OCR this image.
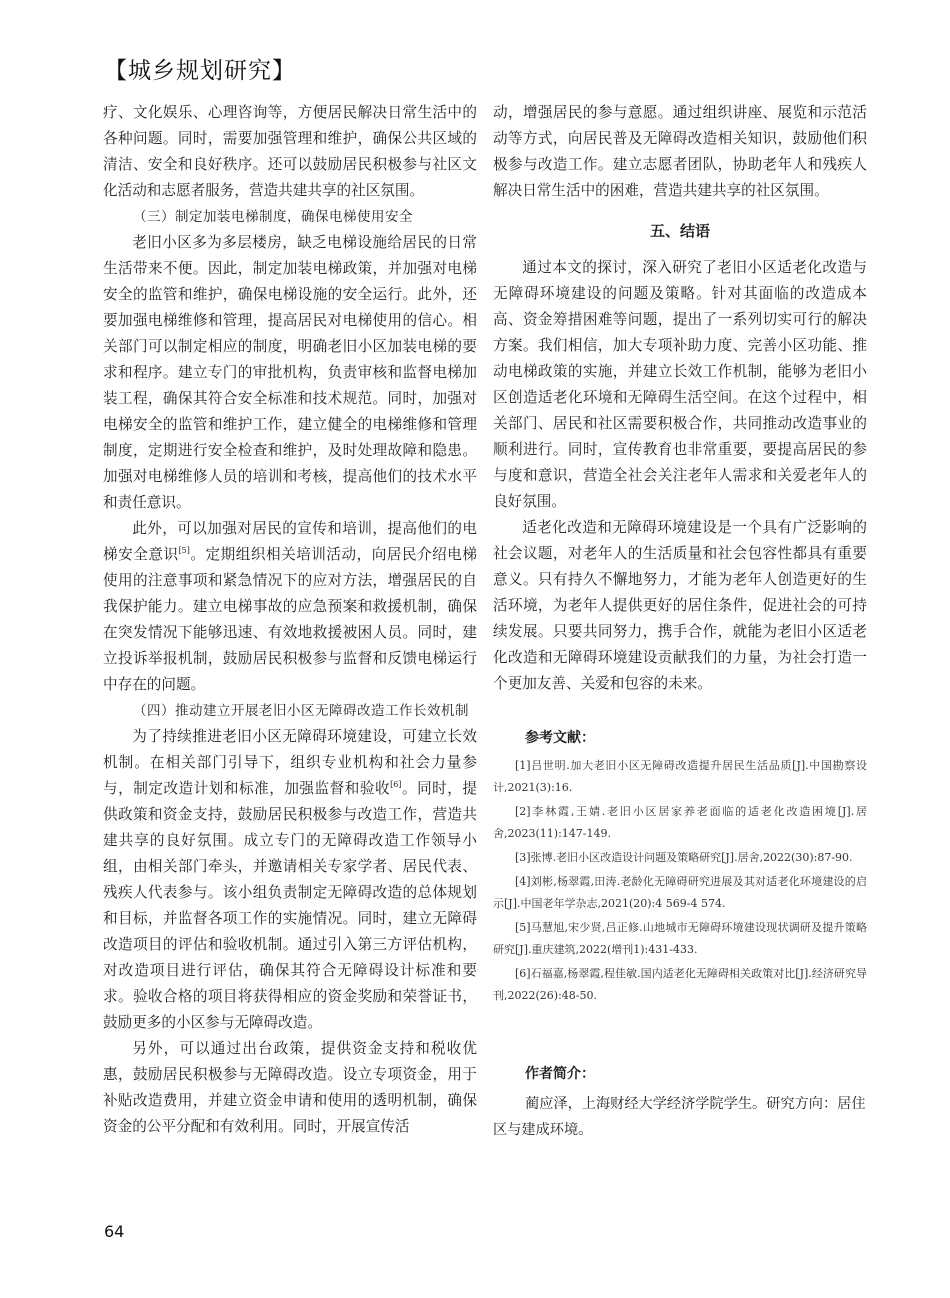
【城乡规划研究】

疗、文化娱乐、心理咨询等，方便居民解决日常生活中的各种问题。同时，需要加强管理和维护，确保公共区域的清洁、安全和良好秩序。还可以鼓励居民积极参与社区文化活动和志愿者服务，营造共建共享的社区氛围。

（三）制定加装电梯制度，确保电梯使用安全

老旧小区多为多层楼房，缺乏电梯设施给居民的日常生活带来不便。因此，制定加装电梯政策，并加强对电梯安全的监管和维护，确保电梯设施的安全运行。此外，还要加强电梯维修和管理，提高居民对电梯使用的信心。相关部门可以制定相应的制度，明确老旧小区加装电梯的要求和程序。建立专门的审批机构，负责审核和监督电梯加装工程，确保其符合安全标准和技术规范。同时，加强对电梯安全的监管和维护工作，建立健全的电梯维修和管理制度，定期进行安全检查和维护，及时处理故障和隐患。加强对电梯维修人员的培训和考核，提高他们的技术水平和责任意识。

此外，可以加强对居民的宣传和培训，提高他们的电梯安全意识[5]。定期组织相关培训活动，向居民介绍电梯使用的注意事项和紧急情况下的应对方法，增强居民的自我保护能力。建立电梯事故的应急预案和救援机制，确保在突发情况下能够迅速、有效地救援被困人员。同时，建立投诉举报机制，鼓励居民积极参与监督和反馈电梯运行中存在的问题。

（四）推动建立开展老旧小区无障碍改造工作长效机制

为了持续推进老旧小区无障碍环境建设，可建立长效机制。在相关部门引导下，组织专业机构和社会力量参与，制定改造计划和标准，加强监督和验收[6]。同时，提供政策和资金支持，鼓励居民积极参与改造工作，营造共建共享的良好氛围。成立专门的无障碍改造工作领导小组，由相关部门牵头，并邀请相关专家学者、居民代表、残疾人代表参与。该小组负责制定无障碍改造的总体规划和目标，并监督各项工作的实施情况。同时，建立无障碍改造项目的评估和验收机制。通过引入第三方评估机构，对改造项目进行评估，确保其符合无障碍设计标准和要求。验收合格的项目将获得相应的资金奖励和荣誉证书，鼓励更多的小区参与无障碍改造。

另外，可以通过出台政策，提供资金支持和税收优惠，鼓励居民积极参与无障碍改造。设立专项资金，用于补贴改造费用，并建立资金申请和使用的透明机制，确保资金的公平分配和有效利用。同时，开展宣传活

动，增强居民的参与意愿。通过组织讲座、展览和示范活动等方式，向居民普及无障碍改造相关知识，鼓励他们积极参与改造工作。建立志愿者团队，协助老年人和残疾人解决日常生活中的困难，营造共建共享的社区氛围。

五、结语

通过本文的探讨，深入研究了老旧小区适老化改造与无障碍环境建设的问题及策略。针对其面临的改造成本高、资金筹措困难等问题，提出了一系列切实可行的解决方案。我们相信，加大专项补助力度、完善小区功能、推动电梯政策的实施，并建立长效工作机制，能够为老旧小区创造适老化环境和无障碍生活空间。在这个过程中，相关部门、居民和社区需要积极合作，共同推动改造事业的顺利进行。同时，宣传教育也非常重要，要提高居民的参与度和意识，营造全社会关注老年人需求和关爱老年人的良好氛围。

适老化改造和无障碍环境建设是一个具有广泛影响的社会议题，对老年人的生活质量和社会包容性都具有重要意义。只有持久不懈地努力，才能为老年人创造更好的生活环境，为老年人提供更好的居住条件，促进社会的可持续发展。只要共同努力，携手合作，就能为老旧小区适老化改造和无障碍环境建设贡献我们的力量，为社会打造一个更加友善、关爱和包容的未来。

参考文献：

[1]吕世明.加大老旧小区无障碍改造提升居民生活品质[J].中国勘察设计,2021(3):16.

[2]李林霞,王婧.老旧小区居家养老面临的适老化改造困境[J].居舍,2023(11):147-149.

[3]张博.老旧小区改造设计问题及策略研究[J].居舍,2022(30):87-90.

[4]刘彬,杨翠霞,田涛.老龄化无障碍研究进展及其对适老化环境建设的启示[J].中国老年学杂志,2021(20):4 569-4 574.

[5]马慧旭,宋少贤,吕正修.山地城市无障碍环境建设现状调研及提升策略研究[J].重庆建筑,2022(增刊1):431-433.

[6]石福嘉,杨翠霞,程佳敏.国内适老化无障碍相关政策对比[J].经济研究导刊,2022(26):48-50.

作者简介：

蔺应泽，上海财经大学经济学院学生。研究方向：居住区与建成环境。

64
